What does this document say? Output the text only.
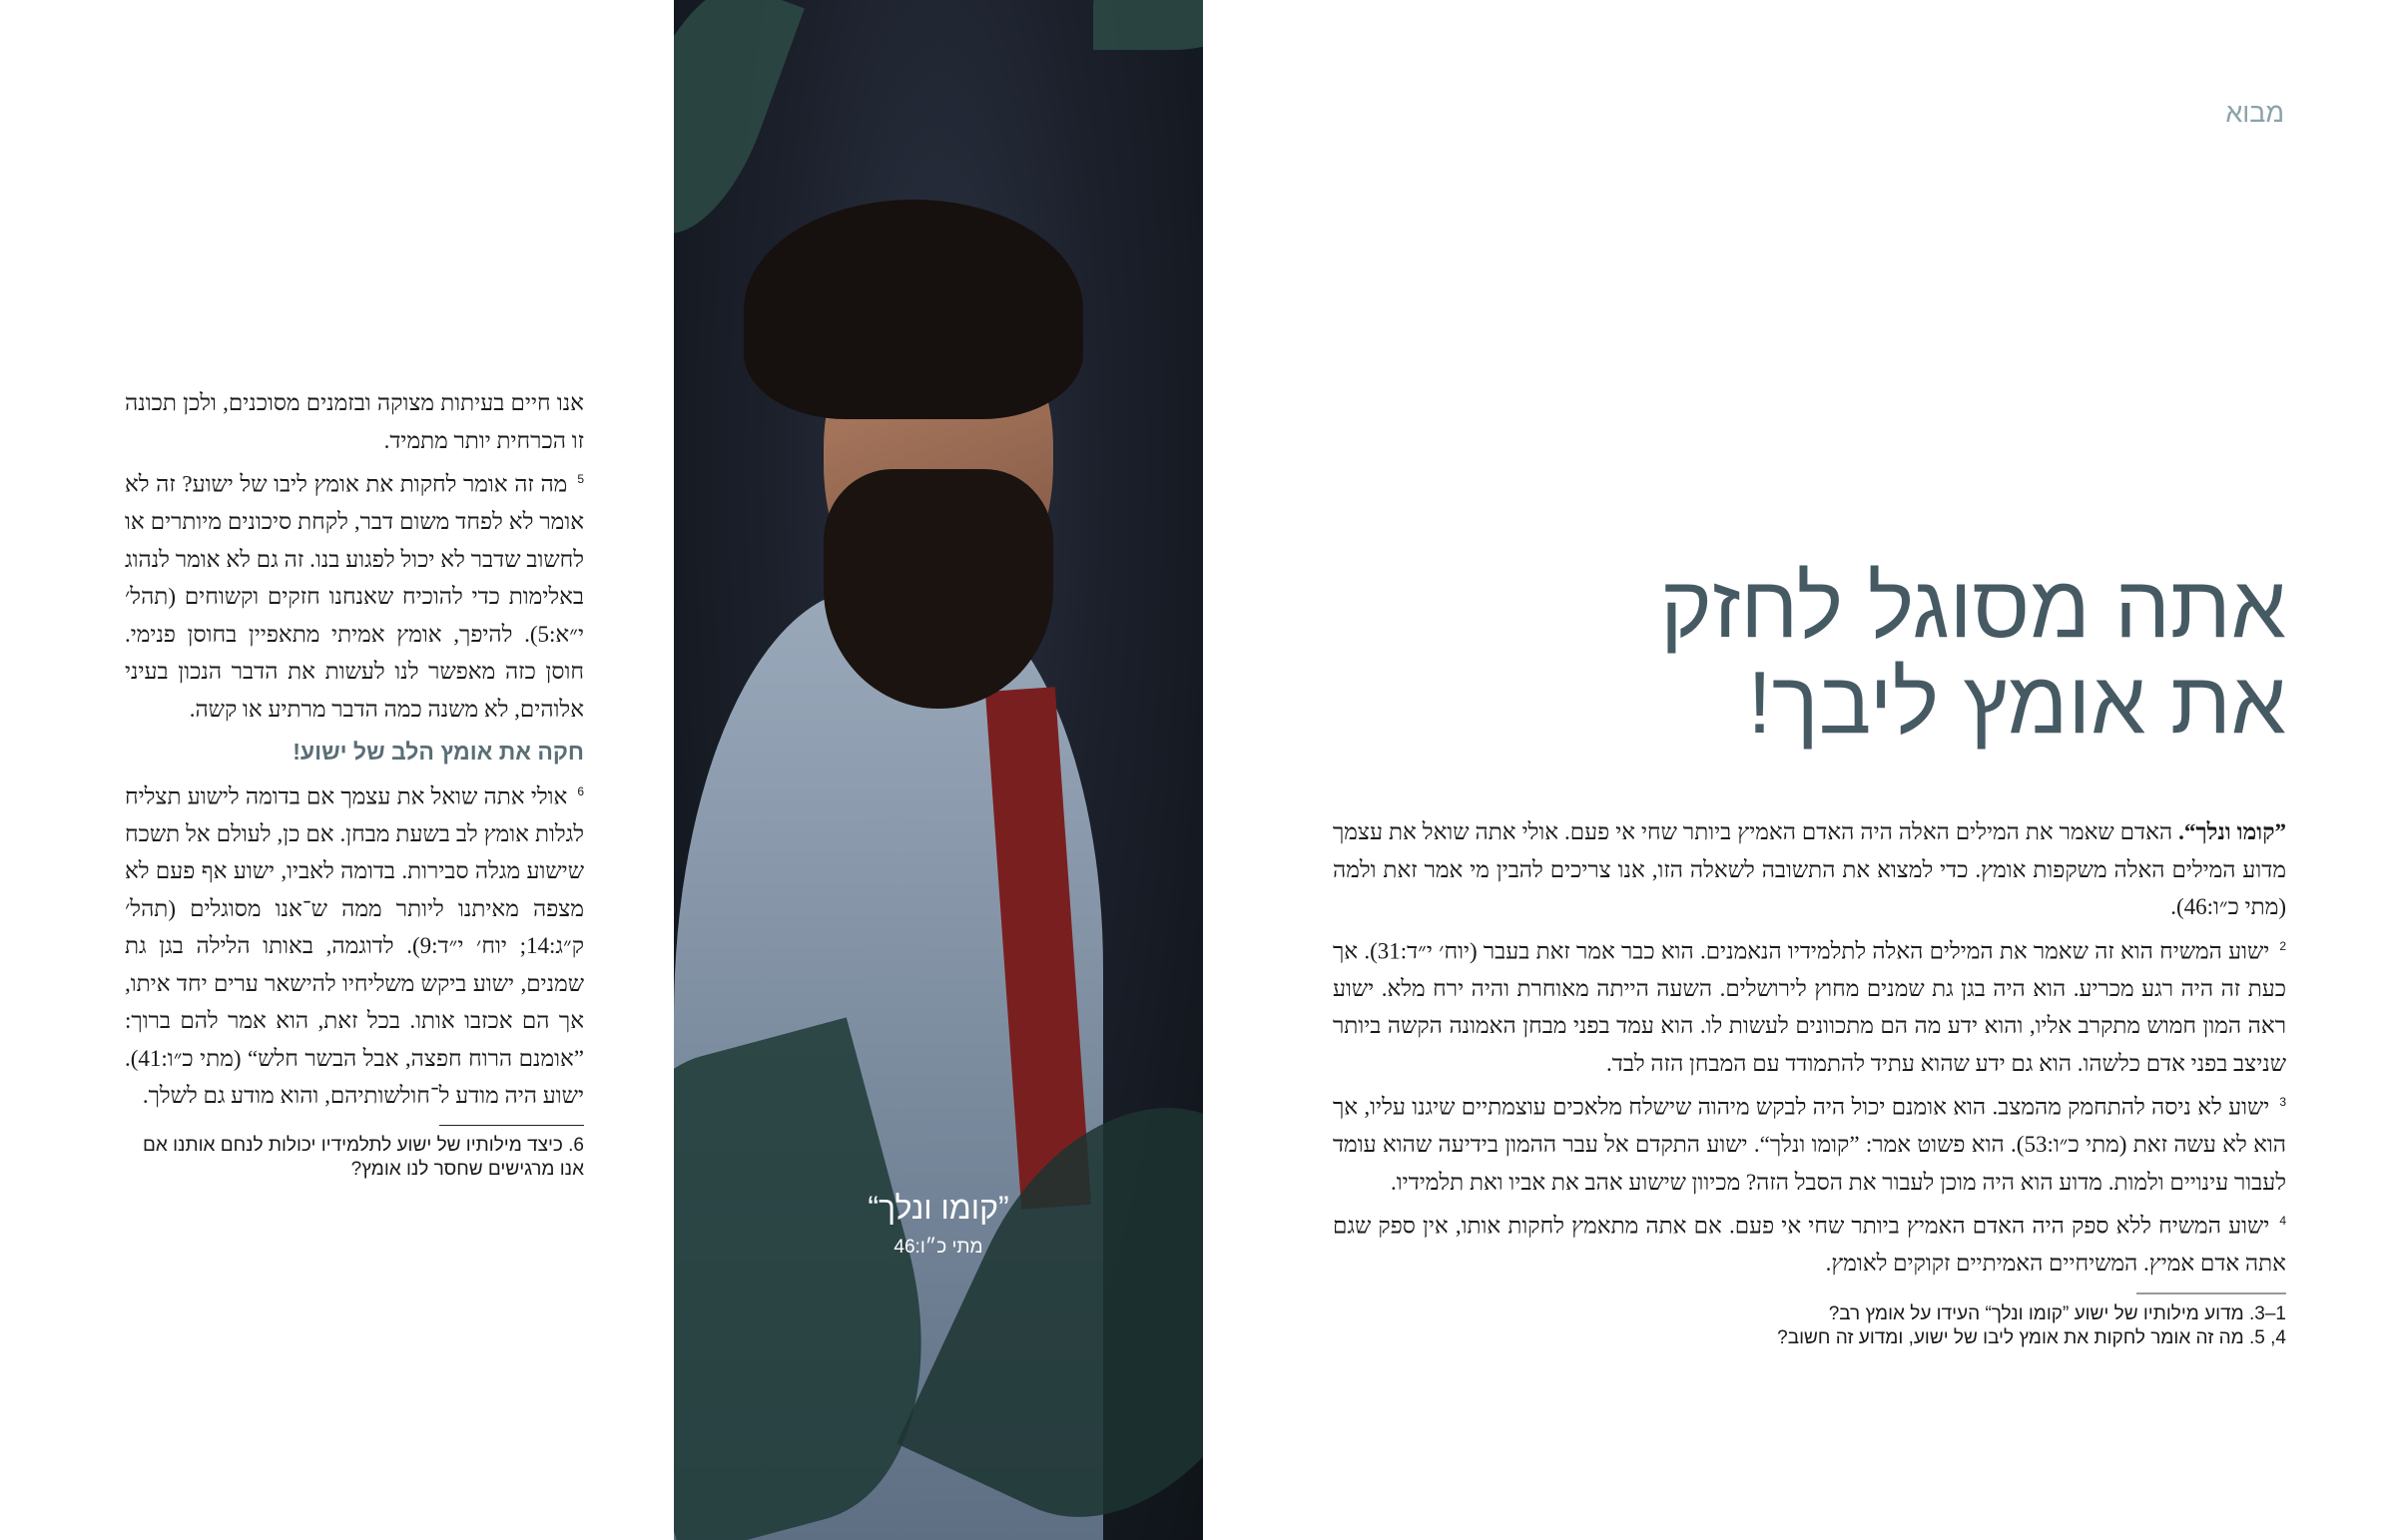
אנו חיים בעיתות מצוקה ובזמנים מסוכנים, ולכן תכונה זו הכרחית יותר מתמיד.

$^5$מה זה אומר לחקות את אומץ ליבו של ישוע? זה לא אומר לא לפחד משום דבר, לקחת סיכונים מיותרים או לחשוב שדבר לא יכול לפגוע בנו. זה גם לא אומר לנהוג באלימות כדי להוכיח שאנחנו חזקים וקשוחים (תהל׳ י״א:5). להיפך, אומץ אמיתי מתאפיין בחוסן פנימי. חוסן כזה מאפשר לנו לעשות את הדבר הנכון בעיני אלוהים, לא משנה כמה הדבר מרתיע או קשה.

חקה את אומץ הלב של ישוע!

$^6$אולי אתה שואל את עצמך אם בדומה לישוע תצליח לגלות אומץ לב בשעת מבחן. אם כן, לעולם אל תשכח שישוע מגלה סבירות. בדומה לאביו, ישוע אף פעם לא מצפה מאיתנו ליותר ממה ש־אנו מסוגלים (תהל׳ ק״ג:14; יוח׳ י״ד:9). לדוגמה, באותו הלילה בגן גת שמנים, ישוע ביקש משליחיו להישאר ערים יחד איתו, אך הם אכזבו אותו. בכל זאת, הוא אמר להם ברוך: ”אומנם הרוח חפצה, אבל הבשר חלש“ (מתי כ״ו:41). ישוע היה מודע ל־חולשותיהם, והוא מודע גם לשלך.

6. כיצד מילותיו של ישוע לתלמידיו יכולות לנחם אותנו אם אנו מרגישים שחסר לנו אומץ?

”קומו ונלך“
מתי כ״ו:46
מבוא
אתה מסוגל לחזק
את אומץ ליבך!

”קומו ונלך“. האדם שאמר את המילים האלה היה האדם האמיץ ביותר שחי אי פעם. אולי אתה שואל את עצמך מדוע המילים האלה משקפות אומץ. כדי למצוא את התשובה לשאלה הזו, אנו צריכים להבין מי אמר זאת ולמה (מתי כ״ו:46).

$^2$ישוע המשיח הוא זה שאמר את המילים האלה לתלמידיו הנאמנים. הוא כבר אמר זאת בעבר (יוח׳ י״ד:31). אך כעת זה היה רגע מכריע. הוא היה בגן גת שמנים מחוץ לירושלים. השעה הייתה מאוחרת והיה ירח מלא. ישוע ראה המון חמוש מתקרב אליו, והוא ידע מה הם מתכוונים לעשות לו. הוא עמד בפני מבחן האמונה הקשה ביותר שניצב בפני אדם כלשהו. הוא גם ידע שהוא עתיד להתמודד עם המבחן הזה לבד.

$^3$ישוע לא ניסה להתחמק מהמצב. הוא אומנם יכול היה לבקש מיהוה שישלח מלאכים עוצמתיים שיגנו עליו, אך הוא לא עשה זאת (מתי כ״ו:53). הוא פשוט אמר: ”קומו ונלך“. ישוע התקדם אל עבר ההמון בידיעה שהוא עומד לעבור עינויים ולמות. מדוע הוא היה מוכן לעבור את הסבל הזה? מכיוון שישוע אהב את אביו ואת תלמידיו.

$^4$ישוע המשיח ללא ספק היה האדם האמיץ ביותר שחי אי פעם. אם אתה מתאמץ לחקות אותו, אין ספק שגם אתה אדם אמיץ. המשיחיים האמיתיים זקוקים לאומץ.

1–3. מדוע מילותיו של ישוע ”קומו ונלך“ העידו על אומץ רב?

4, 5. מה זה אומר לחקות את אומץ ליבו של ישוע, ומדוע זה חשוב?
